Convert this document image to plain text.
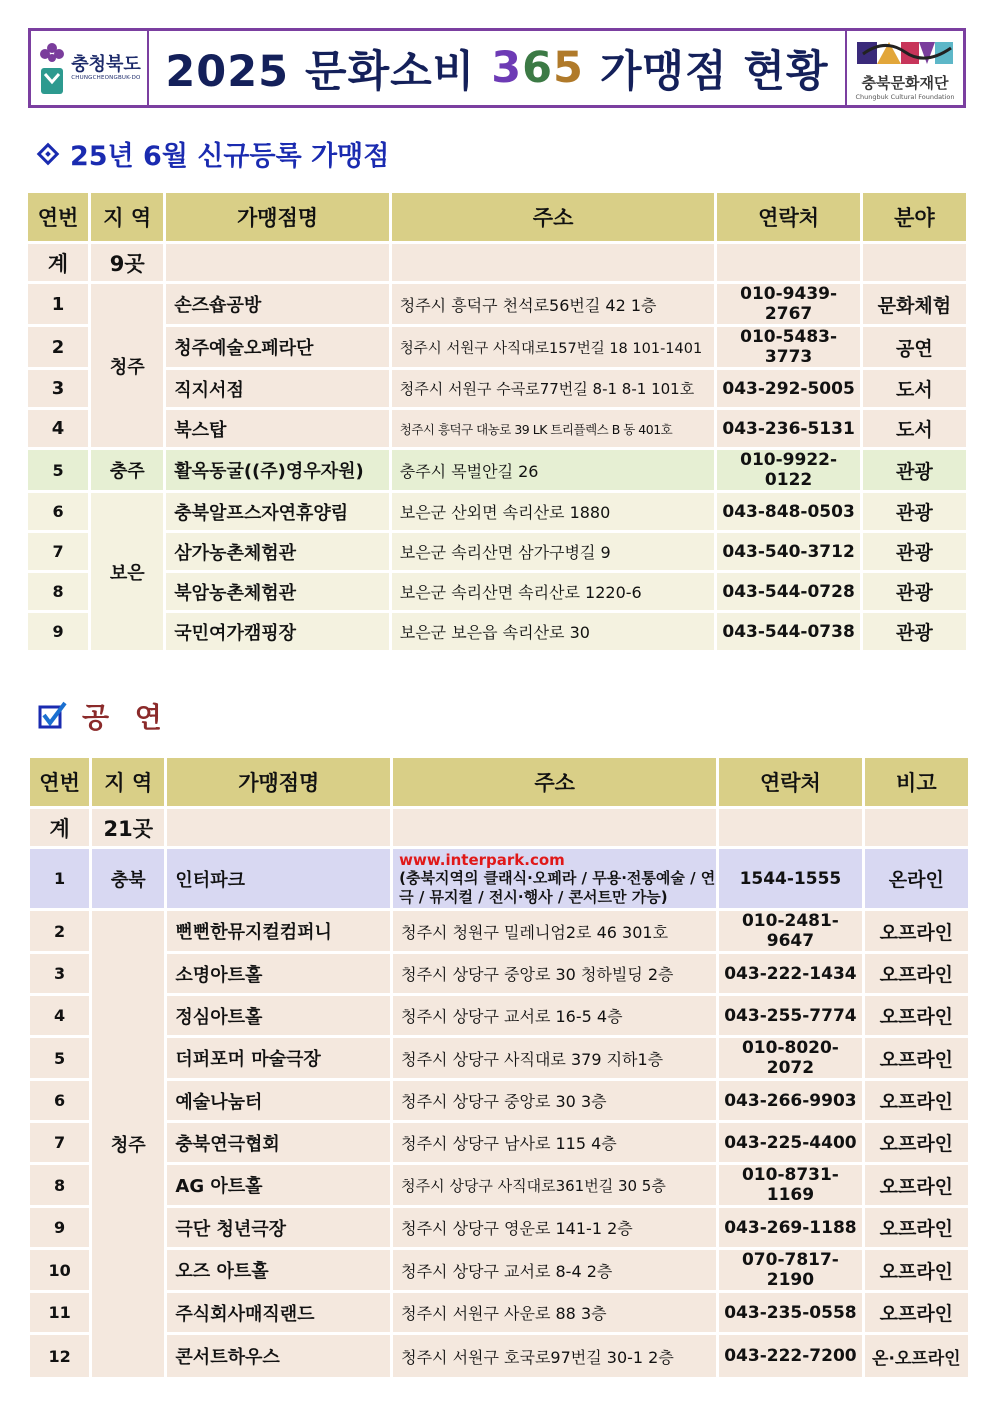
충청북도
CHUNGCHEONGBUK-DO 2025 문화소비
3 6 5
가맹점 현황 충북문화재단
Chungbuk Cultural Foundation
25년 6월 신규등록 가맹점
연번	지 역	가맹점명	주소	연락처	분야
계	9곳				
1	청주	손즈숍공방	청주시 흥덕구 천석로56번길 42 1층	010-9439-2767	문화체험
2		청주예술오페라단	청주시 서원구 사직대로157번길 18 101-1401	010-5483-3773	공연
3		직지서점	청주시 서원구 수곡로77번길 8-1 8-1 101호	043-292-5005	도서
4		북스탑	청주시 흥덕구 대농로 39 LK 트리플렉스 B 동 401호	043-236-5131	도서
5	충주	활옥동굴((주)영우자원)	충주시 목벌안길 26	010-9922-0122	관광
6	보은	충북알프스자연휴양림	보은군 산외면 속리산로 1880	043-848-0503	관광
7		삼가농촌체험관	보은군 속리산면 삼가구병길 9	043-540-3712	관광
8		북암농촌체험관	보은군 속리산면 속리산로 1220-6	043-544-0728	관광
9		국민여가캠핑장	보은군 보은읍 속리산로 30	043-544-0738	관광
공 연
연번	지 역	가맹점명	주소	연락처	비고
계	21곳				
1	충북	인터파크	www.interpark.com
(충북지역의 클래식·오페라 / 무용·전통예술 / 연극 / 뮤지컬 / 전시·행사 / 콘서트만 가능)	1544-1555	온라인
2	청주	뻔뻔한뮤지컬컴퍼니	청주시 청원구 밀레니엄2로 46 301호	010-2481-9647	오프라인
3		소명아트홀	청주시 상당구 중앙로 30 청하빌딩 2층	043-222-1434	오프라인
4		정심아트홀	청주시 상당구 교서로 16-5 4층	043-255-7774	오프라인
5		더퍼포머 마술극장	청주시 상당구 사직대로 379 지하1층	010-8020-2072	오프라인
6		예술나눔터	청주시 상당구 중앙로 30 3층	043-266-9903	오프라인
7		충북연극협회	청주시 상당구 남사로 115 4층	043-225-4400	오프라인
8		AG 아트홀	청주시 상당구 사직대로361번길 30 5층	010-8731-1169	오프라인
9		극단 청년극장	청주시 상당구 영운로 141-1 2층	043-269-1188	오프라인
10		오즈 아트홀	청주시 상당구 교서로 8-4 2층	070-7817-2190	오프라인
11		주식회사매직랜드	청주시 서원구 사운로 88 3층	043-235-0558	오프라인
12		콘서트하우스	청주시 서원구 호국로97번길 30-1 2층	043-222-7200	온·오프라인
